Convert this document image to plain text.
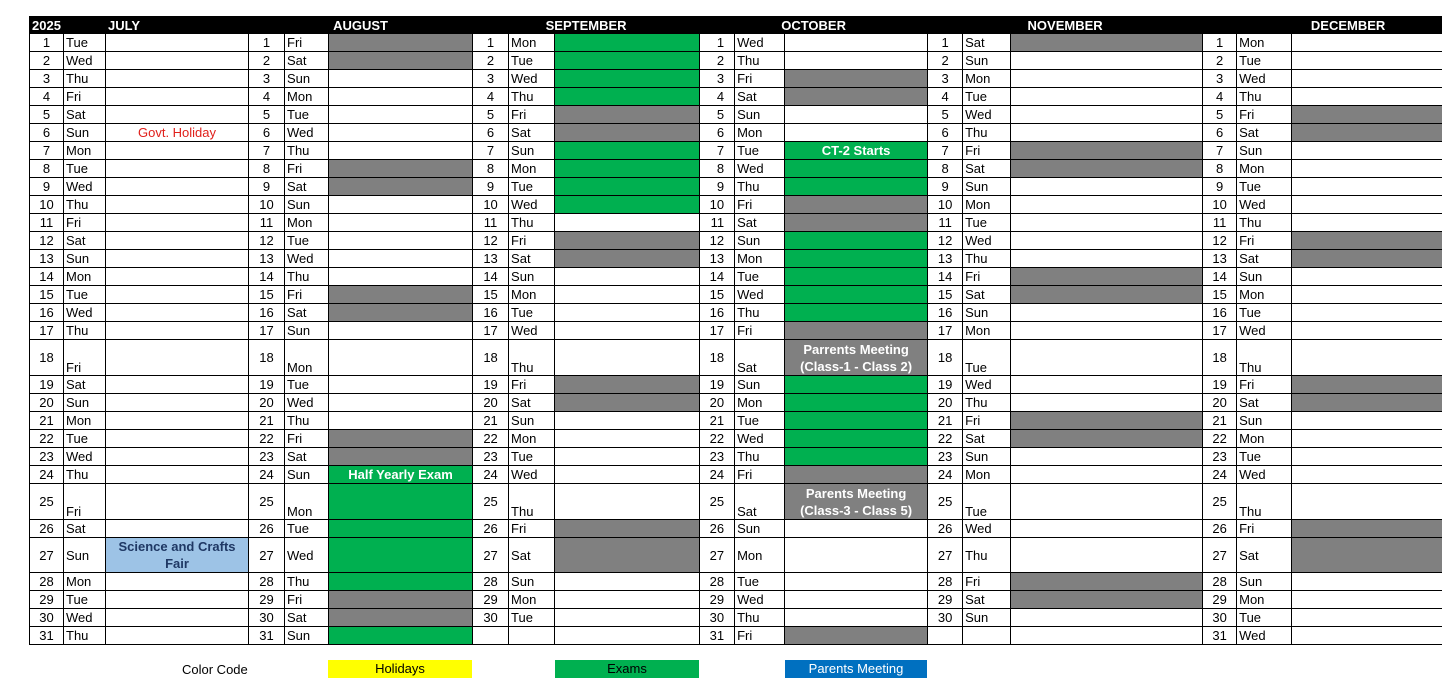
2025	JULY		AUGUST			SEPTEMBER			OCTOBER			NOVEMBER			DECEMBER		
1	Tue		1	Fri		1	Mon		1	Wed		1	Sat		1	Mon	
2	Wed		2	Sat		2	Tue		2	Thu		2	Sun		2	Tue	
3	Thu		3	Sun		3	Wed		3	Fri		3	Mon		3	Wed	
4	Fri		4	Mon		4	Thu		4	Sat		4	Tue		4	Thu	
5	Sat		5	Tue		5	Fri		5	Sun		5	Wed		5	Fri	
6	Sun	Govt. Holiday	6	Wed		6	Sat		6	Mon		6	Thu		6	Sat	
7	Mon		7	Thu		7	Sun		7	Tue	CT-2 Starts	7	Fri		7	Sun	
8	Tue		8	Fri		8	Mon		8	Wed		8	Sat		8	Mon	
9	Wed		9	Sat		9	Tue		9	Thu		9	Sun		9	Tue	
10	Thu		10	Sun		10	Wed		10	Fri		10	Mon		10	Wed	
11	Fri		11	Mon		11	Thu		11	Sat		11	Tue		11	Thu	
12	Sat		12	Tue		12	Fri		12	Sun		12	Wed		12	Fri	
13	Sun		13	Wed		13	Sat		13	Mon		13	Thu		13	Sat	
14	Mon		14	Thu		14	Sun		14	Tue		14	Fri		14	Sun	
15	Tue		15	Fri		15	Mon		15	Wed		15	Sat		15	Mon	
16	Wed		16	Sat		16	Tue		16	Thu		16	Sun		16	Tue	
17	Thu		17	Sun		17	Wed		17	Fri		17	Mon		17	Wed	
18	Fri		18	Mon		18	Thu		18	Sat	Parrents Meeting (Class-1 - Class 2)	18	Tue		18	Thu	
19	Sat		19	Tue		19	Fri		19	Sun		19	Wed		19	Fri	
20	Sun		20	Wed		20	Sat		20	Mon		20	Thu		20	Sat	
21	Mon		21	Thu		21	Sun		21	Tue		21	Fri		21	Sun	
22	Tue		22	Fri		22	Mon		22	Wed		22	Sat		22	Mon	
23	Wed		23	Sat		23	Tue		23	Thu		23	Sun		23	Tue	
24	Thu		24	Sun	Half Yearly Exam	24	Wed		24	Fri		24	Mon		24	Wed	
25	Fri		25	Mon		25	Thu		25	Sat	Parents Meeting (Class-3 - Class 5)	25	Tue		25	Thu	
26	Sat		26	Tue		26	Fri		26	Sun		26	Wed		26	Fri	
27	Sun	Science and Crafts Fair	27	Wed		27	Sat		27	Mon		27	Thu		27	Sat	
28	Mon		28	Thu		28	Sun		28	Tue		28	Fri		28	Sun	
29	Tue		29	Fri		29	Mon		29	Wed		29	Sat		29	Mon	
30	Wed		30	Sat		30	Tue		30	Thu		30	Sun		30	Tue	
31	Thu		31	Sun					31	Fri					31	Wed	
Color Code	Holidays	Exams	Parents Meeting
